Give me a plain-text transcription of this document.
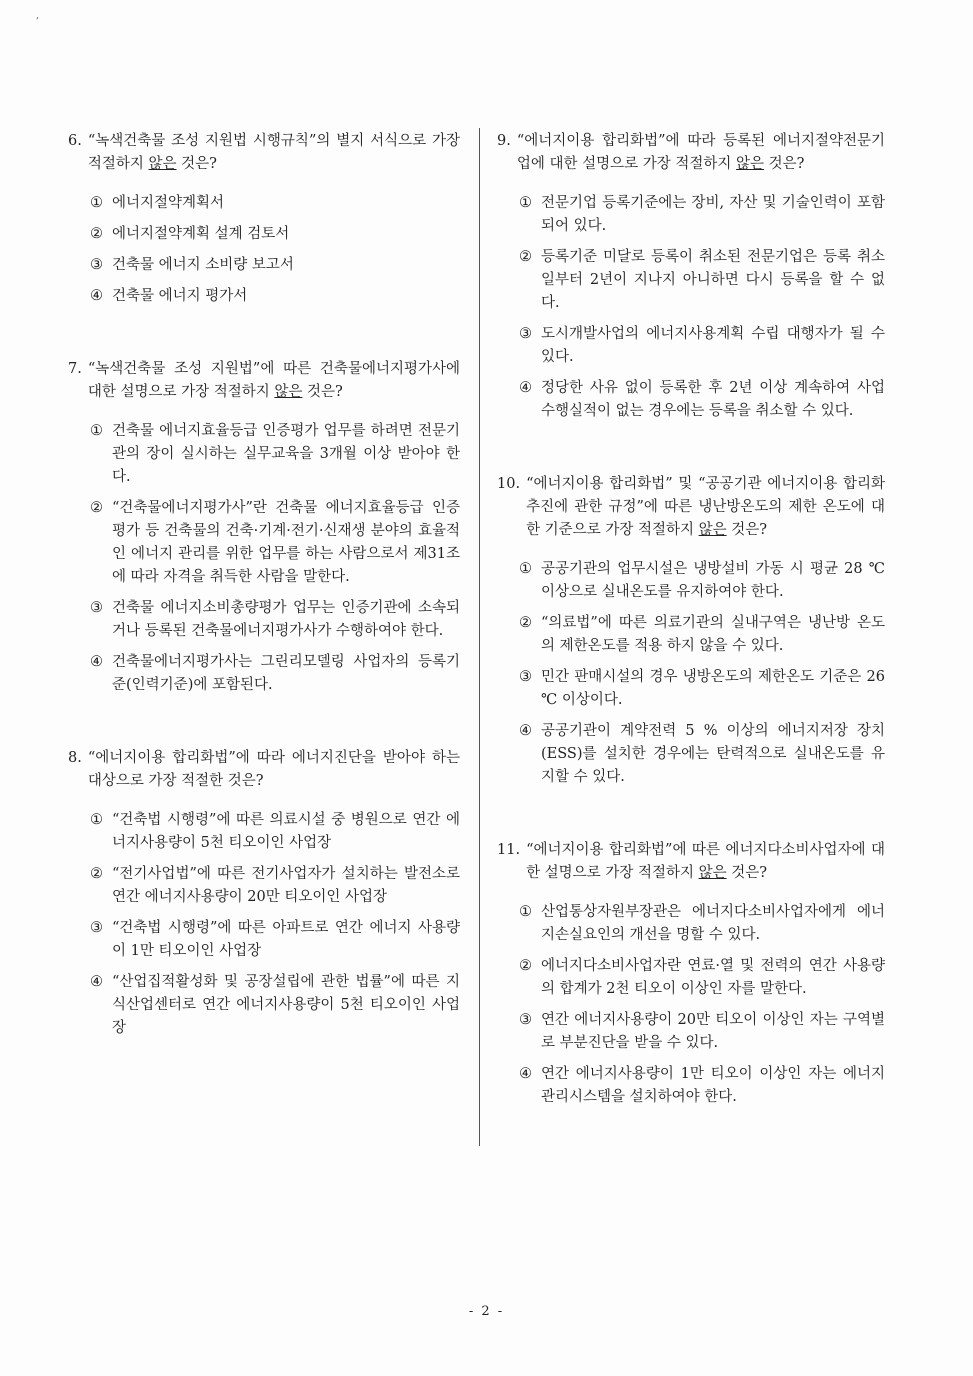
,
6. “녹색건축물 조성 지원법 시행규칙”의 별지 서식으로 가장 적절하지 않은 것은?
① 에너지절약계획서
② 에너지절약계획 설계 검토서
③ 건축물 에너지 소비량 보고서
④ 건축물 에너지 평가서
7. “녹색건축물 조성 지원법”에 따른 건축물에너지평가사에 대한 설명으로 가장 적절하지 않은 것은?
① 건축물 에너지효율등급 인증평가 업무를 하려면 전문기관의 장이 실시하는 실무교육을 3개월 이상 받아야 한다.
② “건축물에너지평가사”란 건축물 에너지효율등급 인증평가 등 건축물의 건축·기계·전기·신재생 분야의 효율적인 에너지 관리를 위한 업무를 하는 사람으로서 제31조에 따라 자격을 취득한 사람을 말한다.
③ 건축물 에너지소비총량평가 업무는 인증기관에 소속되거나 등록된 건축물에너지평가사가 수행하여야 한다.
④ 건축물에너지평가사는 그린리모델링 사업자의 등록기준(인력기준)에 포함된다.
8. “에너지이용 합리화법”에 따라 에너지진단을 받아야 하는 대상으로 가장 적절한 것은?
① “건축법 시행령”에 따른 의료시설 중 병원으로 연간 에너지사용량이 5천 티오이인 사업장
② “전기사업법”에 따른 전기사업자가 설치하는 발전소로 연간 에너지사용량이 20만 티오이인 사업장
③ “건축법 시행령”에 따른 아파트로 연간 에너지 사용량이 1만 티오이인 사업장
④ “산업집적활성화 및 공장설립에 관한 법률”에 따른 지식산업센터로 연간 에너지사용량이 5천 티오이인 사업장
9. “에너지이용 합리화법”에 따라 등록된 에너지절약전문기업에 대한 설명으로 가장 적절하지 않은 것은?
① 전문기업 등록기준에는 장비, 자산 및 기술인력이 포함되어 있다.
② 등록기준 미달로 등록이 취소된 전문기업은 등록 취소일부터 2년이 지나지 아니하면 다시 등록을 할 수 없다.
③ 도시개발사업의 에너지사용계획 수립 대행자가 될 수 있다.
④ 정당한 사유 없이 등록한 후 2년 이상 계속하여 사업 수행실적이 없는 경우에는 등록을 취소할 수 있다.
10. “에너지이용 합리화법” 및 “공공기관 에너지이용 합리화 추진에 관한 규정”에 따른 냉난방온도의 제한 온도에 대한 기준으로 가장 적절하지 않은 것은?
① 공공기관의 업무시설은 냉방설비 가동 시 평균 28 ℃ 이상으로 실내온도를 유지하여야 한다.
② “의료법”에 따른 의료기관의 실내구역은 냉난방 온도의 제한온도를 적용 하지 않을 수 있다.
③ 민간 판매시설의 경우 냉방온도의 제한온도 기준은 26 ℃ 이상이다.
④ 공공기관이 계약전력 5 % 이상의 에너지저장 장치(ESS)를 설치한 경우에는 탄력적으로 실내온도를 유지할 수 있다.
11. “에너지이용 합리화법”에 따른 에너지다소비사업자에 대한 설명으로 가장 적절하지 않은 것은?
① 산업통상자원부장관은 에너지다소비사업자에게 에너지손실요인의 개선을 명할 수 있다.
② 에너지다소비사업자란 연료·열 및 전력의 연간 사용량의 합계가 2천 티오이 이상인 자를 말한다.
③ 연간 에너지사용량이 20만 티오이 이상인 자는 구역별로 부분진단을 받을 수 있다.
④ 연간 에너지사용량이 1만 티오이 이상인 자는 에너지관리시스템을 설치하여야 한다.
- 2 -
